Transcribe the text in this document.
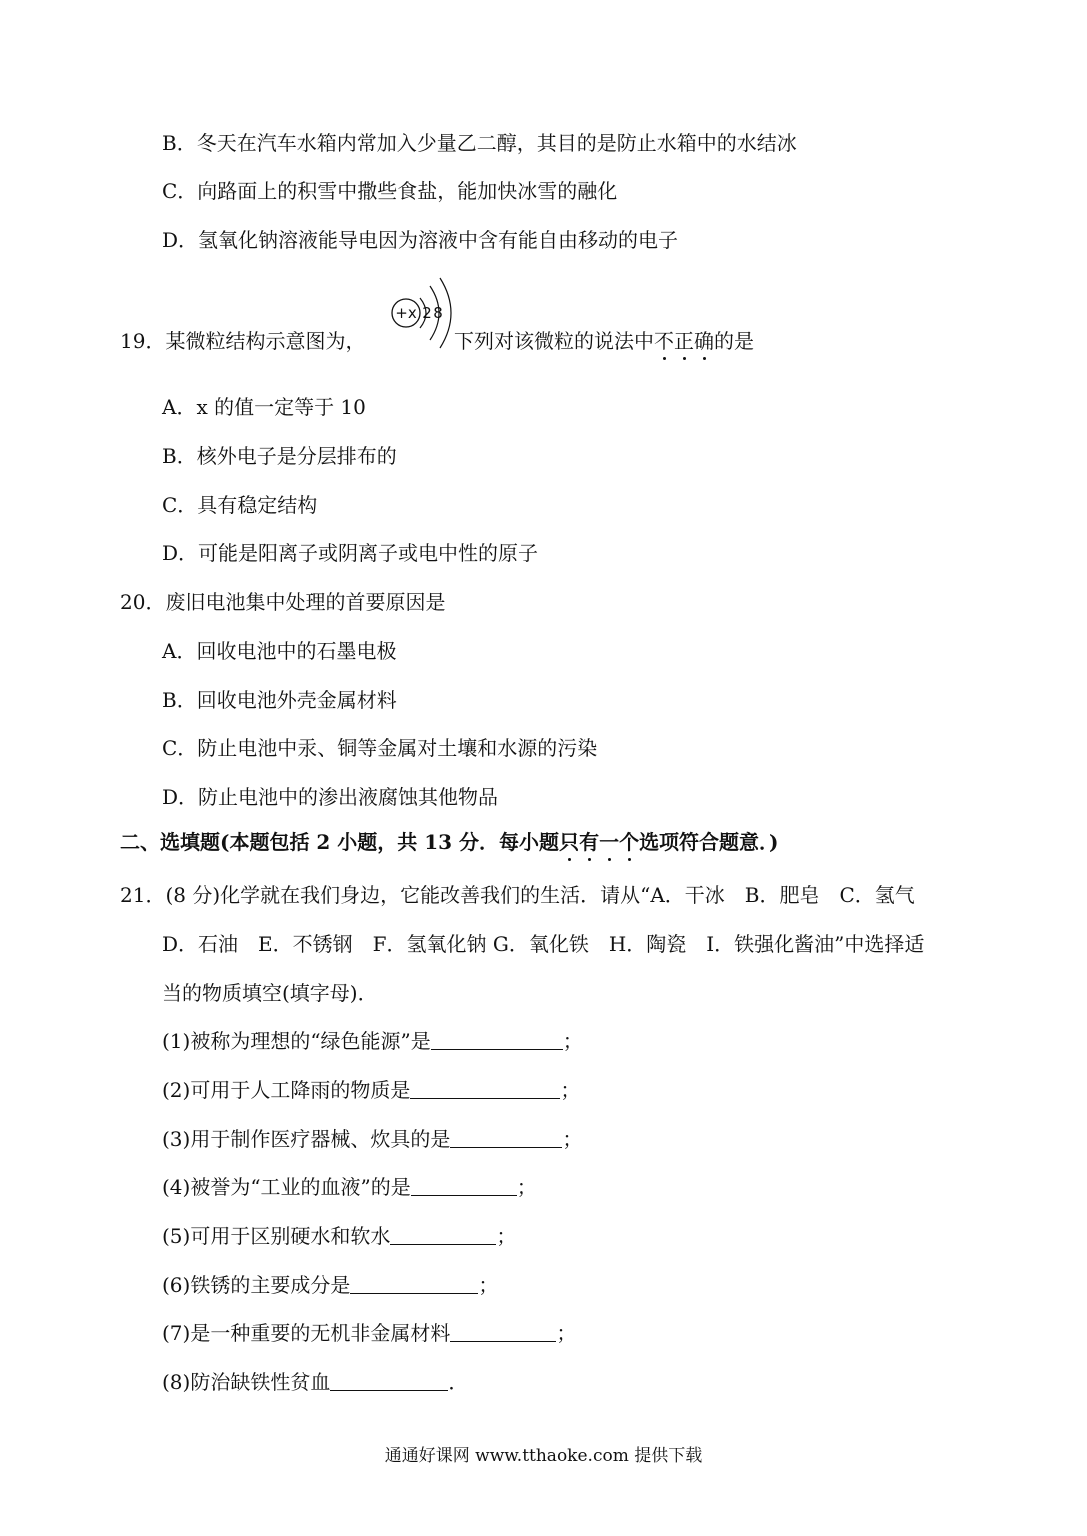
B．冬天在汽车水箱内常加入少量乙二醇，其目的是防止水箱中的水结冰
C．向路面上的积雪中撒些食盐，能加快冰雪的融化
D．氢氧化钠溶液能导电因为溶液中含有能自由移动的电子
19．某微粒结构示意图为，
+x 2 8
下列对该微粒的说法中不正确的是
A．x 的值一定等于 10
B．核外电子是分层排布的
C．具有稳定结构
D．可能是阳离子或阴离子或电中性的原子
20．废旧电池集中处理的首要原因是
A．回收电池中的石墨电极
B．回收电池外壳金属材料
C．防止电池中汞、铜等金属对土壤和水源的污染
D．防止电池中的渗出液腐蚀其他物品
二、选填题(本题包括 2 小题，共 13 分．每小题只有一个选项符合题意．)
21．(8 分)化学就在我们身边，它能改善我们的生活．请从“A．干冰　B．肥皂　C．氢气
D．石油　E．不锈钢　F．氢氧化钠 G．氧化铁　H．陶瓷　I．铁强化酱油”中选择适
当的物质填空(填字母)．
(1)被称为理想的“绿色能源”是	；
(2)可用于人工降雨的物质是	；
(3)用于制作医疗器械、炊具的是	；
(4)被誉为“工业的血液”的是	；
(5)可用于区别硬水和软水	；
(6)铁锈的主要成分是	；
(7)是一种重要的无机非金属材料	；
(8)防治缺铁性贫血	．
通通好课网 www.tthaoke.com 提供下载
